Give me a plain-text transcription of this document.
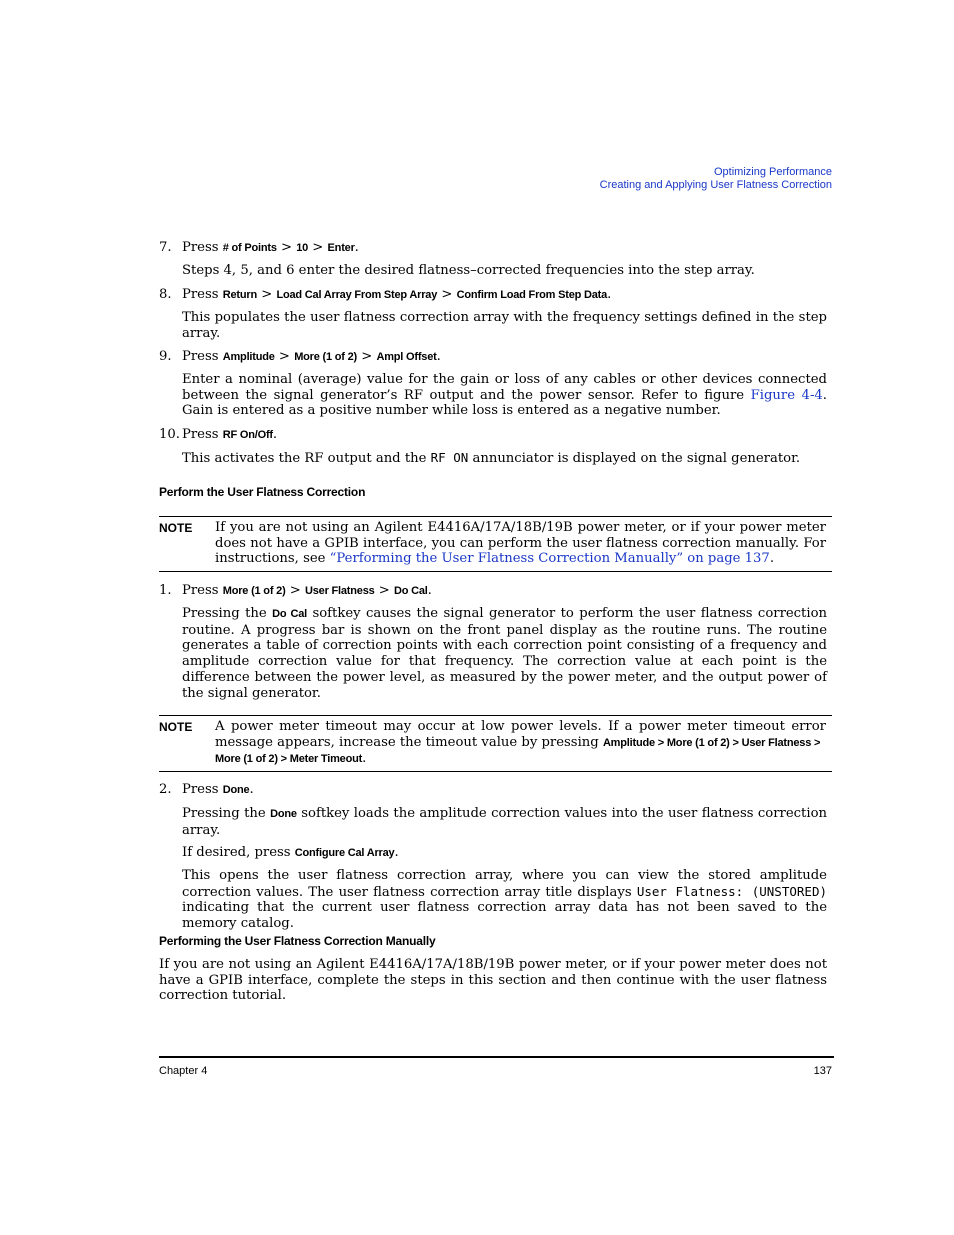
Optimizing Performance
Creating and Applying User Flatness Correction
7. Press # of Points > 10 > Enter.
Steps 4, 5, and 6 enter the desired flatness–corrected frequencies into the step array.
8. Press Return > Load Cal Array From Step Array > Confirm Load From Step Data.
This populates the user flatness correction array with the frequency settings defined in the step array.
9. Press Amplitude > More (1 of 2) > Ampl Offset.
Enter a nominal (average) value for the gain or loss of any cables or other devices connected between the signal generator’s RF output and the power sensor. Refer to figure Figure 4-4. Gain is entered as a positive number while loss is entered as a negative number.
10. Press RF On/Off.
This activates the RF output and the RF ON annunciator is displayed on the signal generator.
Perform the User Flatness Correction
NOTE If you are not using an Agilent E4416A/17A/18B/19B power meter, or if your power meter does not have a GPIB interface, you can perform the user flatness correction manually. For instructions, see “Performing the User Flatness Correction Manually” on page 137.
1. Press More (1 of 2) > User Flatness > Do Cal.
Pressing the Do Cal softkey causes the signal generator to perform the user flatness correction routine. A progress bar is shown on the front panel display as the routine runs. The routine generates a table of correction points with each correction point consisting of a frequency and amplitude correction value for that frequency. The correction value at each point is the difference between the power level, as measured by the power meter, and the output power of the signal generator.
NOTE A power meter timeout may occur at low power levels. If a power meter timeout error message appears, increase the timeout value by pressing Amplitude > More (1 of 2) > User Flatness >
More (1 of 2) > Meter Timeout.
2. Press Done.
Pressing the Done softkey loads the amplitude correction values into the user flatness correction array.
If desired, press Configure Cal Array.
This opens the user flatness correction array, where you can view the stored amplitude correction values. The user flatness correction array title displays User Flatness: (UNSTORED) indicating that the current user flatness correction array data has not been saved to the memory catalog.
Performing the User Flatness Correction Manually
If you are not using an Agilent E4416A/17A/18B/19B power meter, or if your power meter does not have a GPIB interface, complete the steps in this section and then continue with the user flatness correction tutorial.
Chapter 4	137
